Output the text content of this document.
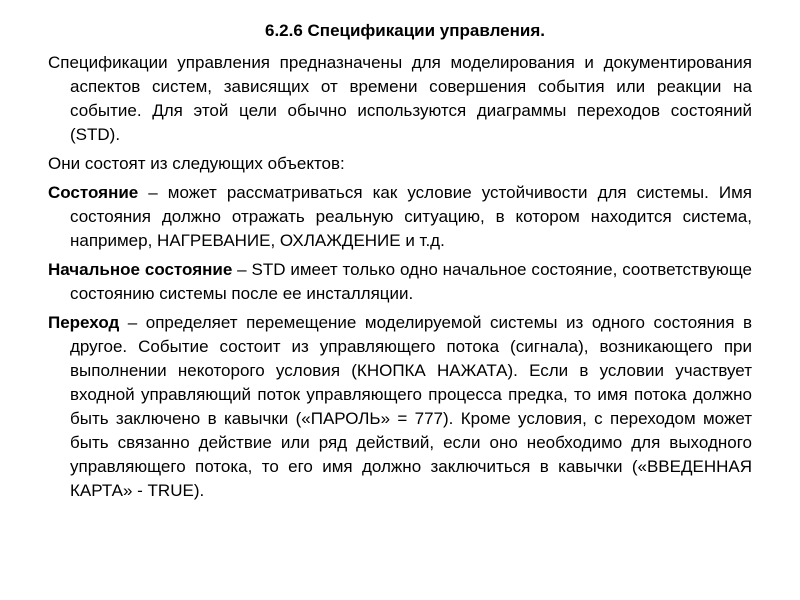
6.2.6 Спецификации управления.
Спецификации управления предназначены для моделирования и документирования аспектов систем, зависящих от времени совершения события или реакции на событие. Для этой цели обычно используются диаграммы переходов состояний (STD).
Они состоят из следующих объектов:
Состояние – может рассматриваться как условие устойчивости для системы. Имя состояния должно отражать реальную ситуацию, в котором находится система, например, НАГРЕВАНИЕ, ОХЛАЖДЕНИЕ и т.д.
Начальное состояние – STD имеет только одно начальное состояние, соответствующе состоянию системы после ее инсталляции.
Переход – определяет перемещение моделируемой системы из одного состояния в другое. Событие состоит из управляющего потока (сигнала), возникающего при выполнении некоторого условия (КНОПКА НАЖАТА). Если в условии участвует входной управляющий поток управляющего процесса предка, то имя потока должно быть заключено в кавычки («ПАРОЛЬ» = 777). Кроме условия, с переходом может быть связанно действие или ряд действий, если оно необходимо для выходного управляющего потока, то его имя должно заключиться в кавычки («ВВЕДЕННАЯ КАРТА» - TRUE).
